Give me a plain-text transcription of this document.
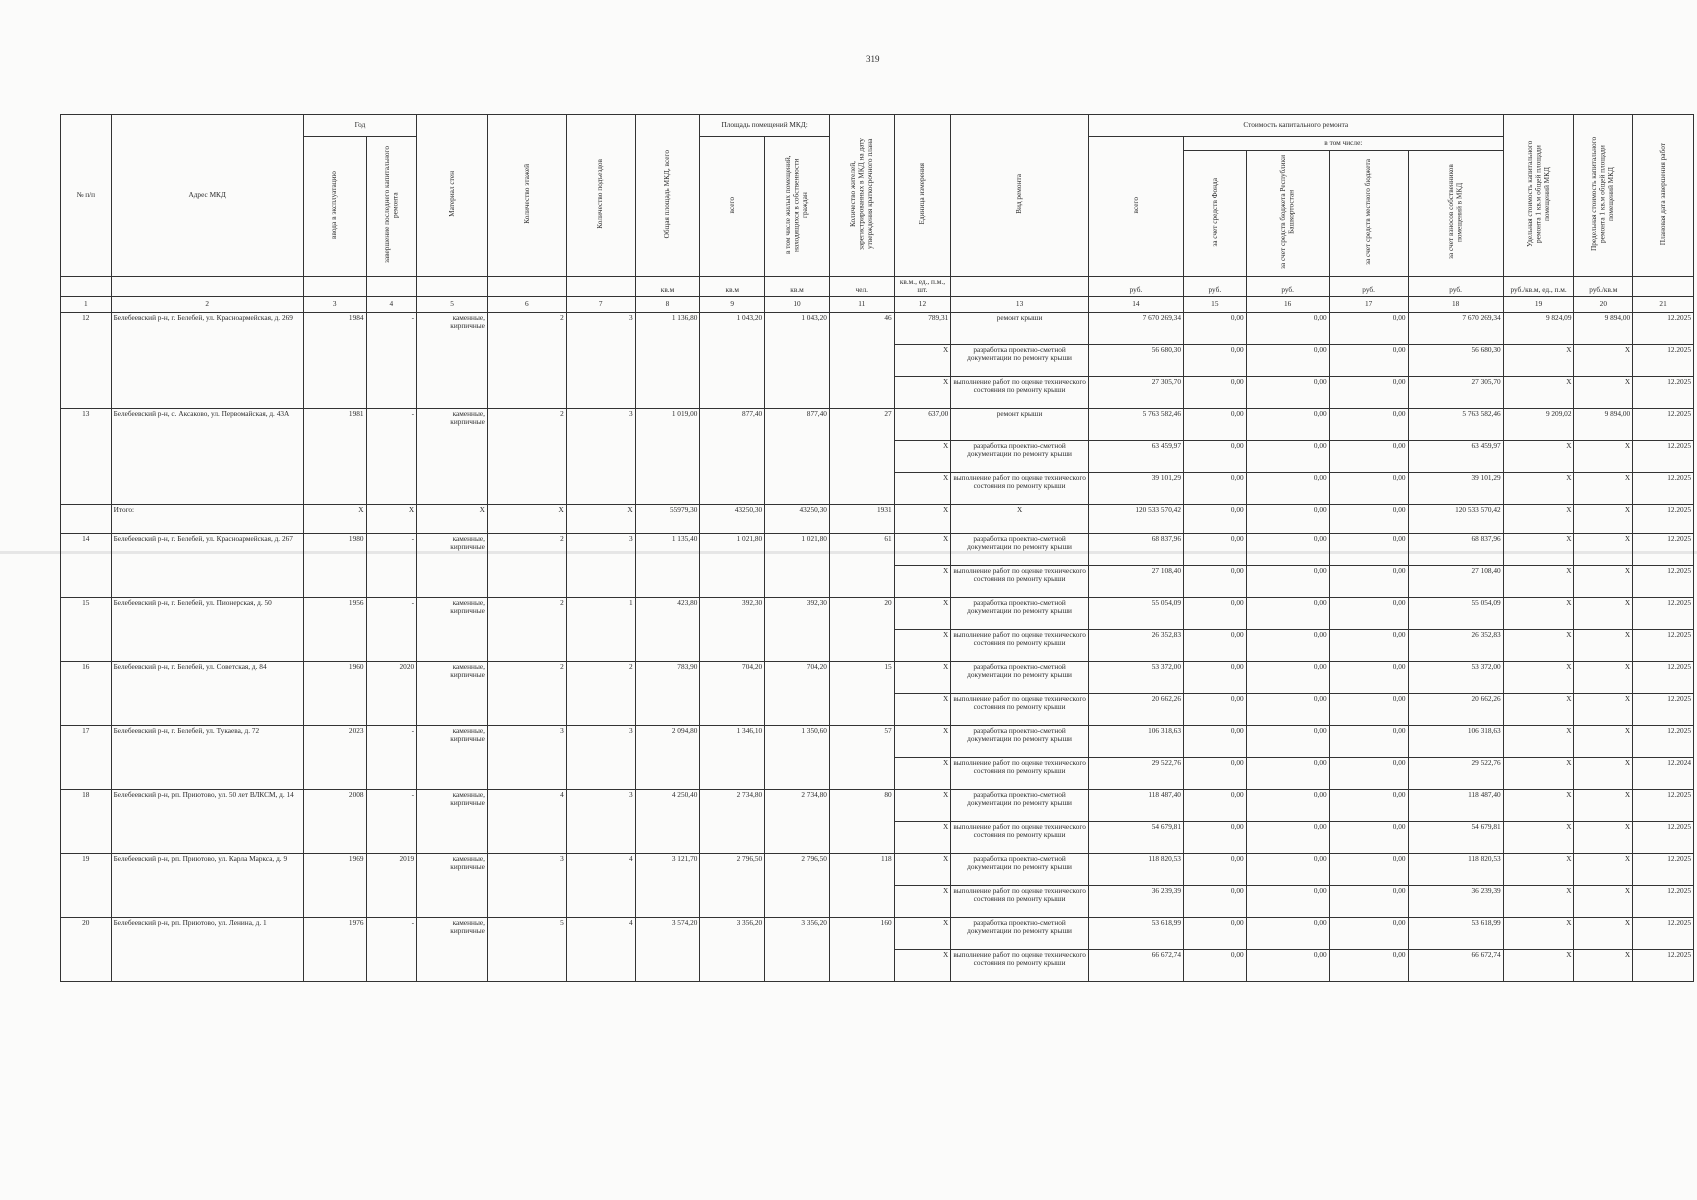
319
№ п/п	Адрес МКД	Год		Материал стен	Количество этажей	Количество подъездов	Общая площадь МКД, всего	Площадь помещений МКД:		Количество жителей, зарегистрированных в МКД на дату утверждения краткосрочного плана	Единица измерения	Вид ремонта	Стоимость капитального ремонта					Удельная стоимость капитального ремонта 1 кв.м общей площади помещений МКД	Предельная стоимость капитального ремонта 1 кв.м общей площади помещений МКД	Плановая дата завершения работ
		ввода в эксплуатацию	завершение последнего капитального ремонта					всего	в том числе жилых помещений, находящихся в собственности граждан				всего	в том числе:						
														за счет средств Фонда	за счет средств бюджета Республики Башкортостан	за счет средств местного бюджета	за счет взносов собственников помещений в МКД			
							кв.м	кв.м	кв.м	чел.	кв.м., ед., п.м., шт.		руб.	руб.	руб.	руб.	руб.	руб./кв.м, ед., п.м.	руб./кв.м	
1	2	3	4	5	6	7	8	9	10	11	12	13	14	15	16	17	18	19	20	21
12	Белебеевский р-н, г. Белебей, ул. Красноармейская, д. 269	1984	-	каменные, кирпичные	2	3	1 136,80	1 043,20	1 043,20	46	789,31	ремонт крыши	7 670 269,34	0,00	0,00	0,00	7 670 269,34	9 824,09	9 894,00	12.2025
											X	разработка проектно-сметной документации по ремонту крыши	56 680,30	0,00	0,00	0,00	56 680,30	X	X	12.2025
											X	выполнение работ по оценке технического состояния по ремонту крыши	27 305,70	0,00	0,00	0,00	27 305,70	X	X	12.2025
13	Белебеевский р-н, с. Аксаково, ул. Первомайская, д. 43А	1981	-	каменные, кирпичные	2	3	1 019,00	877,40	877,40	27	637,00	ремонт крыши	5 763 582,46	0,00	0,00	0,00	5 763 582,46	9 209,02	9 894,00	12.2025
											X	разработка проектно-сметной документации по ремонту крыши	63 459,97	0,00	0,00	0,00	63 459,97	X	X	12.2025
											X	выполнение работ по оценке технического состояния по ремонту крыши	39 101,29	0,00	0,00	0,00	39 101,29	X	X	12.2025
	Итого:	X	X	X	X	X	55979,30	43250,30	43250,30	1931	X	X	120 533 570,42	0,00	0,00	0,00	120 533 570,42	X	X	12.2025
14	Белебеевский р-н, г. Белебей, ул. Красноармейская, д. 267	1980	-	каменные, кирпичные	2	3	1 135,40	1 021,80	1 021,80	61	X	разработка проектно-сметной документации по ремонту крыши	68 837,96	0,00	0,00	0,00	68 837,96	X	X	12.2025
											X	выполнение работ по оценке технического состояния по ремонту крыши	27 108,40	0,00	0,00	0,00	27 108,40	X	X	12.2025
15	Белебеевский р-н, г. Белебей, ул. Пионерская, д. 50	1956	-	каменные, кирпичные	2	1	423,80	392,30	392,30	20	X	разработка проектно-сметной документации по ремонту крыши	55 054,09	0,00	0,00	0,00	55 054,09	X	X	12.2025
											X	выполнение работ по оценке технического состояния по ремонту крыши	26 352,83	0,00	0,00	0,00	26 352,83	X	X	12.2025
16	Белебеевский р-н, г. Белебей, ул. Советская, д. 84	1960	2020	каменные, кирпичные	2	2	783,90	704,20	704,20	15	X	разработка проектно-сметной документации по ремонту крыши	53 372,00	0,00	0,00	0,00	53 372,00	X	X	12.2025
											X	выполнение работ по оценке технического состояния по ремонту крыши	20 662,26	0,00	0,00	0,00	20 662,26	X	X	12.2025
17	Белебеевский р-н, г. Белебей, ул. Тукаева, д. 72	2023	-	каменные, кирпичные	3	3	2 094,80	1 346,10	1 350,60	57	X	разработка проектно-сметной документации по ремонту крыши	106 318,63	0,00	0,00	0,00	106 318,63	X	X	12.2025
											X	выполнение работ по оценке технического состояния по ремонту крыши	29 522,76	0,00	0,00	0,00	29 522,76	X	X	12.2024
18	Белебеевский р-н, рп. Приютово, ул. 50 лет ВЛКСМ, д. 14	2008	-	каменные, кирпичные	4	3	4 250,40	2 734,80	2 734,80	80	X	разработка проектно-сметной документации по ремонту крыши	118 487,40	0,00	0,00	0,00	118 487,40	X	X	12.2025
											X	выполнение работ по оценке технического состояния по ремонту крыши	54 679,81	0,00	0,00	0,00	54 679,81	X	X	12.2025
19	Белебеевский р-н, рп. Приютово, ул. Карла Маркса, д. 9	1969	2019	каменные, кирпичные	3	4	3 121,70	2 796,50	2 796,50	118	X	разработка проектно-сметной документации по ремонту крыши	118 820,53	0,00	0,00	0,00	118 820,53	X	X	12.2025
											X	выполнение работ по оценке технического состояния по ремонту крыши	36 239,39	0,00	0,00	0,00	36 239,39	X	X	12.2025
20	Белебеевский р-н, рп. Приютово, ул. Ленина, д. 1	1976	-	каменные, кирпичные	5	4	3 574,20	3 356,20	3 356,20	160	X	разработка проектно-сметной документации по ремонту крыши	53 618,99	0,00	0,00	0,00	53 618,99	X	X	12.2025
											X	выполнение работ по оценке технического состояния по ремонту крыши	66 672,74	0,00	0,00	0,00	66 672,74	X	X	12.2025
